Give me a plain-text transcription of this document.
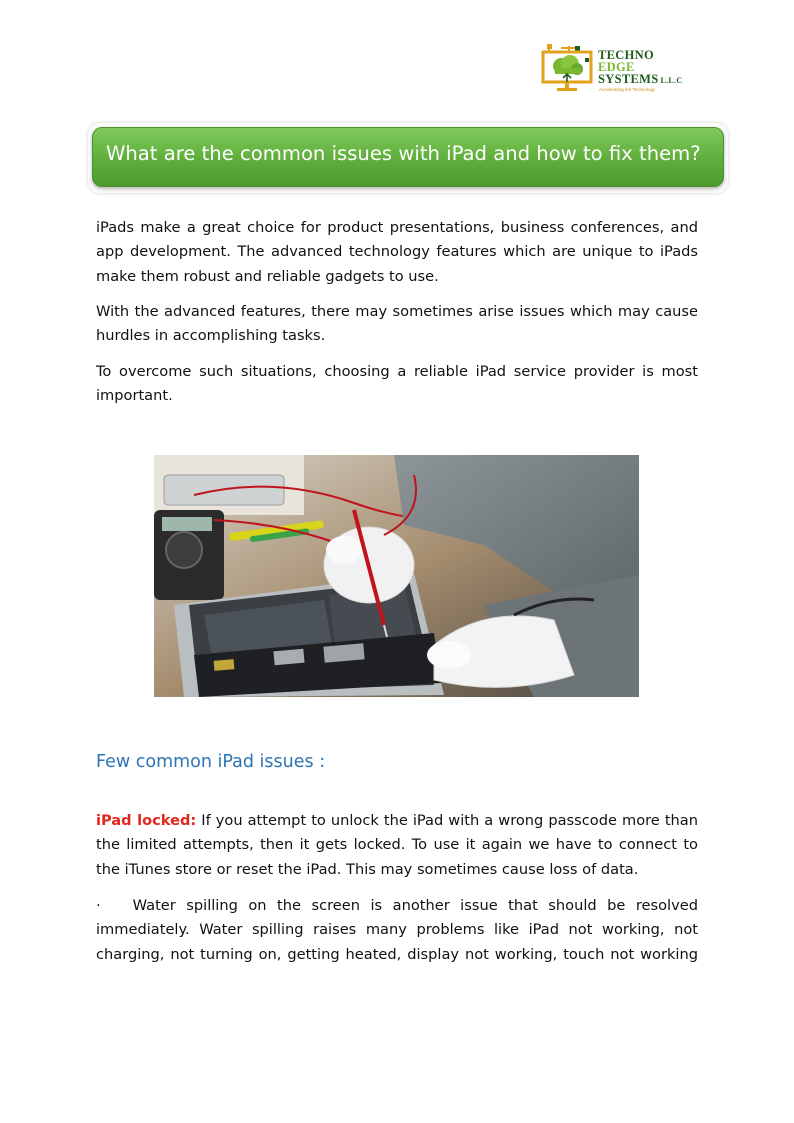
TECHNO
EDGE
SYSTEMS L.L.C
Accelerating the Technology
What are the common issues with iPad and how to fix them?

iPads make a great choice for product presentations, business conferences, and app development. The advanced technology features which are unique to iPads make them robust and reliable gadgets to use.

With the advanced features, there may sometimes arise issues which may cause hurdles in accomplishing tasks.

To overcome such situations, choosing a reliable iPad service provider is most important.

Few common iPad issues :

iPad locked: If you attempt to unlock the iPad with a wrong passcode more than the limited attempts, then it gets locked. To use it again we have to connect to the iTunes store or reset the iPad. This may sometimes cause loss of data.

· Water spilling on the screen is another issue that should be resolved immediately. Water spilling raises many problems like iPad not working, not charging, not turning on, getting heated, display not working, touch not working
